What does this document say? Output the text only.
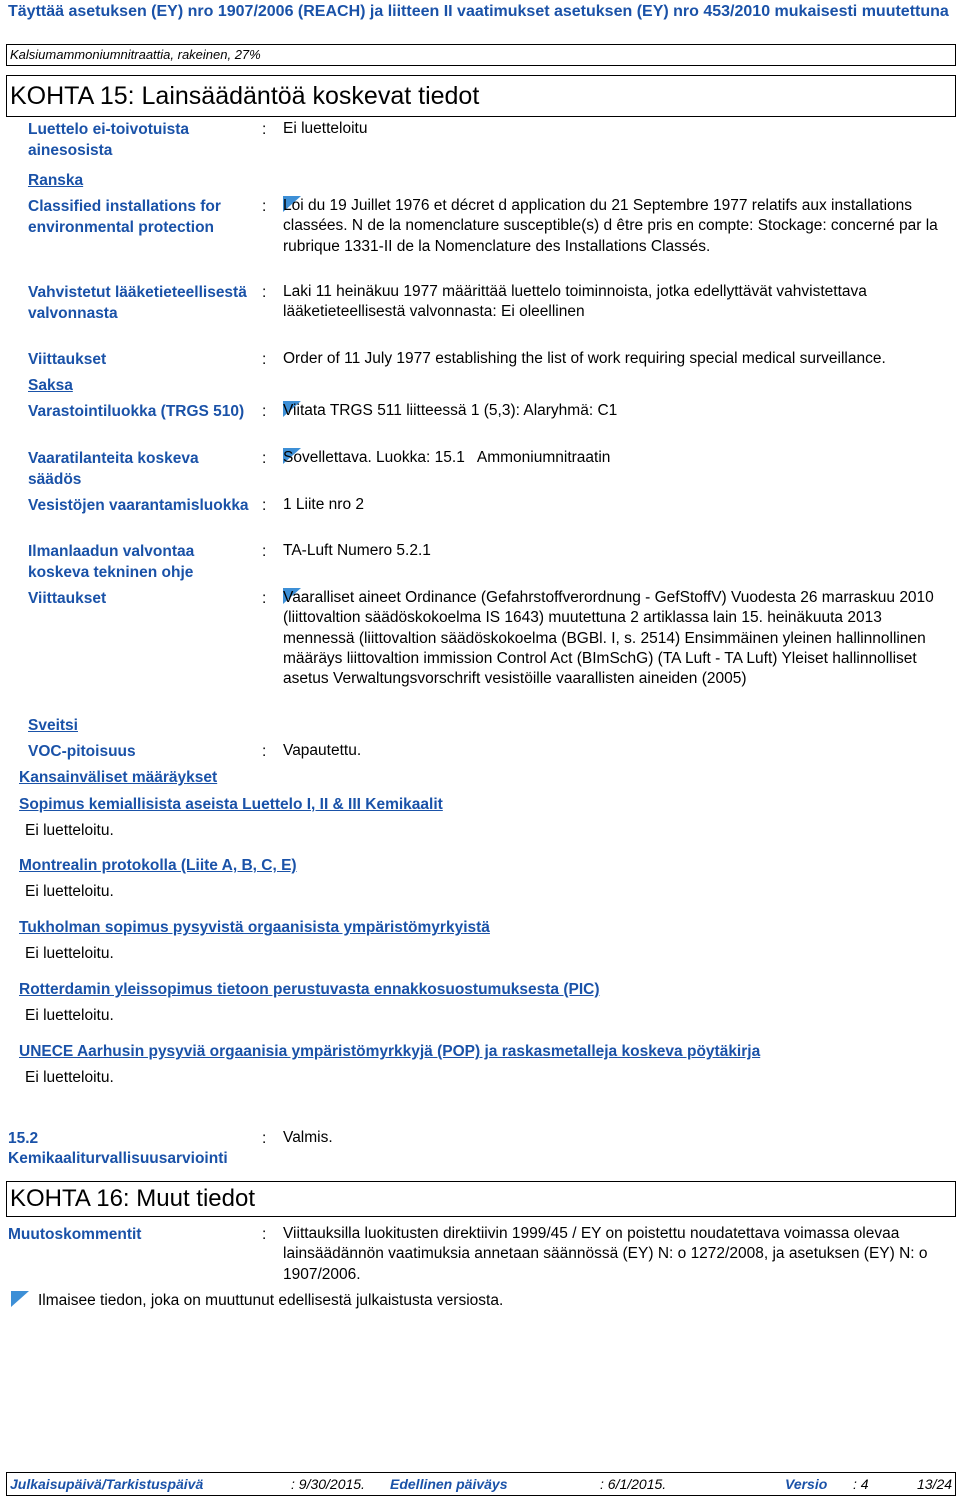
Täyttää asetuksen (EY) nro 1907/2006 (REACH) ja liitteen II vaatimukset asetuksen (EY) nro 453/2010 mukaisesti muutettuna
Kalsiumammoniumnitraattia, rakeinen, 27%
KOHTA 15: Lainsäädäntöä koskevat tiedot
Luettelo ei-toivotuista ainesosista
: Ei luetteloitu
Ranska
Classified installations for environmental protection
: Loi du 19 Juillet 1976 et décret d application du 21 Septembre 1977 relatifs aux installations classées. N de la nomenclature susceptible(s) d être pris en compte: Stockage: concerné par la rubrique 1331-II de la Nomenclature des Installations Classés.
Vahvistetut lääketieteellisestä valvonnasta
: Laki 11 heinäkuu 1977 määrittää luettelo toiminnoista, jotka edellyttävät vahvistettava lääketieteellisestä valvonnasta: Ei oleellinen
Viittaukset	: Order of 11 July 1977 establishing the list of work requiring special medical surveillance.
Saksa
Varastointiluokka (TRGS 510)	: Viitata TRGS 511 liitteessä 1 (5,3): Alaryhmä: C1
Vaaratilanteita koskeva säädös
: Sovellettava. Luokka: 15.1   Ammoniumnitraatin
Vesistöjen vaarantamisluokka : 1 Liite nro 2
Ilmanlaadun valvontaa koskeva tekninen ohje
: TA-Luft Numero 5.2.1
Viittaukset	: Vaaralliset aineet Ordinance (Gefahrstoffverordnung - GefStoffV) Vuodesta 26 marraskuu 2010 (liittovaltion säädöskokoelma IS 1643) muutettuna 2 artiklassa lain 15. heinäkuuta 2013 mennessä (liittovaltion säädöskokoelma (BGBl. I, s. 2514) Ensimmäinen yleinen hallinnollinen määräys liittovaltion immission Control Act (BImSchG) (TA Luft - TA Luft) Yleiset hallinnolliset asetus Verwaltungsvorschrift vesistöille vaarallisten aineiden (2005)
Sveitsi
VOC-pitoisuus	: Vapautettu.
Kansainväliset määräykset
Sopimus kemiallisista aseista Luettelo I, II & III Kemikaalit
Ei luetteloitu.
Montrealin protokolla (Liite A, B, C, E)
Ei luetteloitu.
Tukholman sopimus pysyvistä orgaanisista ympäristömyrkyistä
Ei luetteloitu.
Rotterdamin yleissopimus tietoon perustuvasta ennakkosuostumuksesta (PIC)
Ei luetteloitu.
UNECE Aarhusin pysyviä orgaanisia ympäristömyrkkyjä (POP) ja raskasmetalleja koskeva pöytäkirja
Ei luetteloitu.
15.2
Kemikaaliturvallisuusarviointi
: Valmis.
KOHTA 16: Muut tiedot
Muutoskommentit	: Viittauksilla luokitusten direktiivin 1999/45 / EY on poistettu noudatettava voimassa olevaa lainsäädännön vaatimuksia annetaan säännössä (EY) N: o 1272/2008, ja asetuksen (EY) N: o 1907/2006.
Ilmaisee tiedon, joka on muuttunut edellisestä julkaistusta versiosta.
Julkaisupäivä/Tarkistuspäivä	: 9/30/2015. Edellinen päiväys	: 6/1/2015.	Versio : 4	13/24
